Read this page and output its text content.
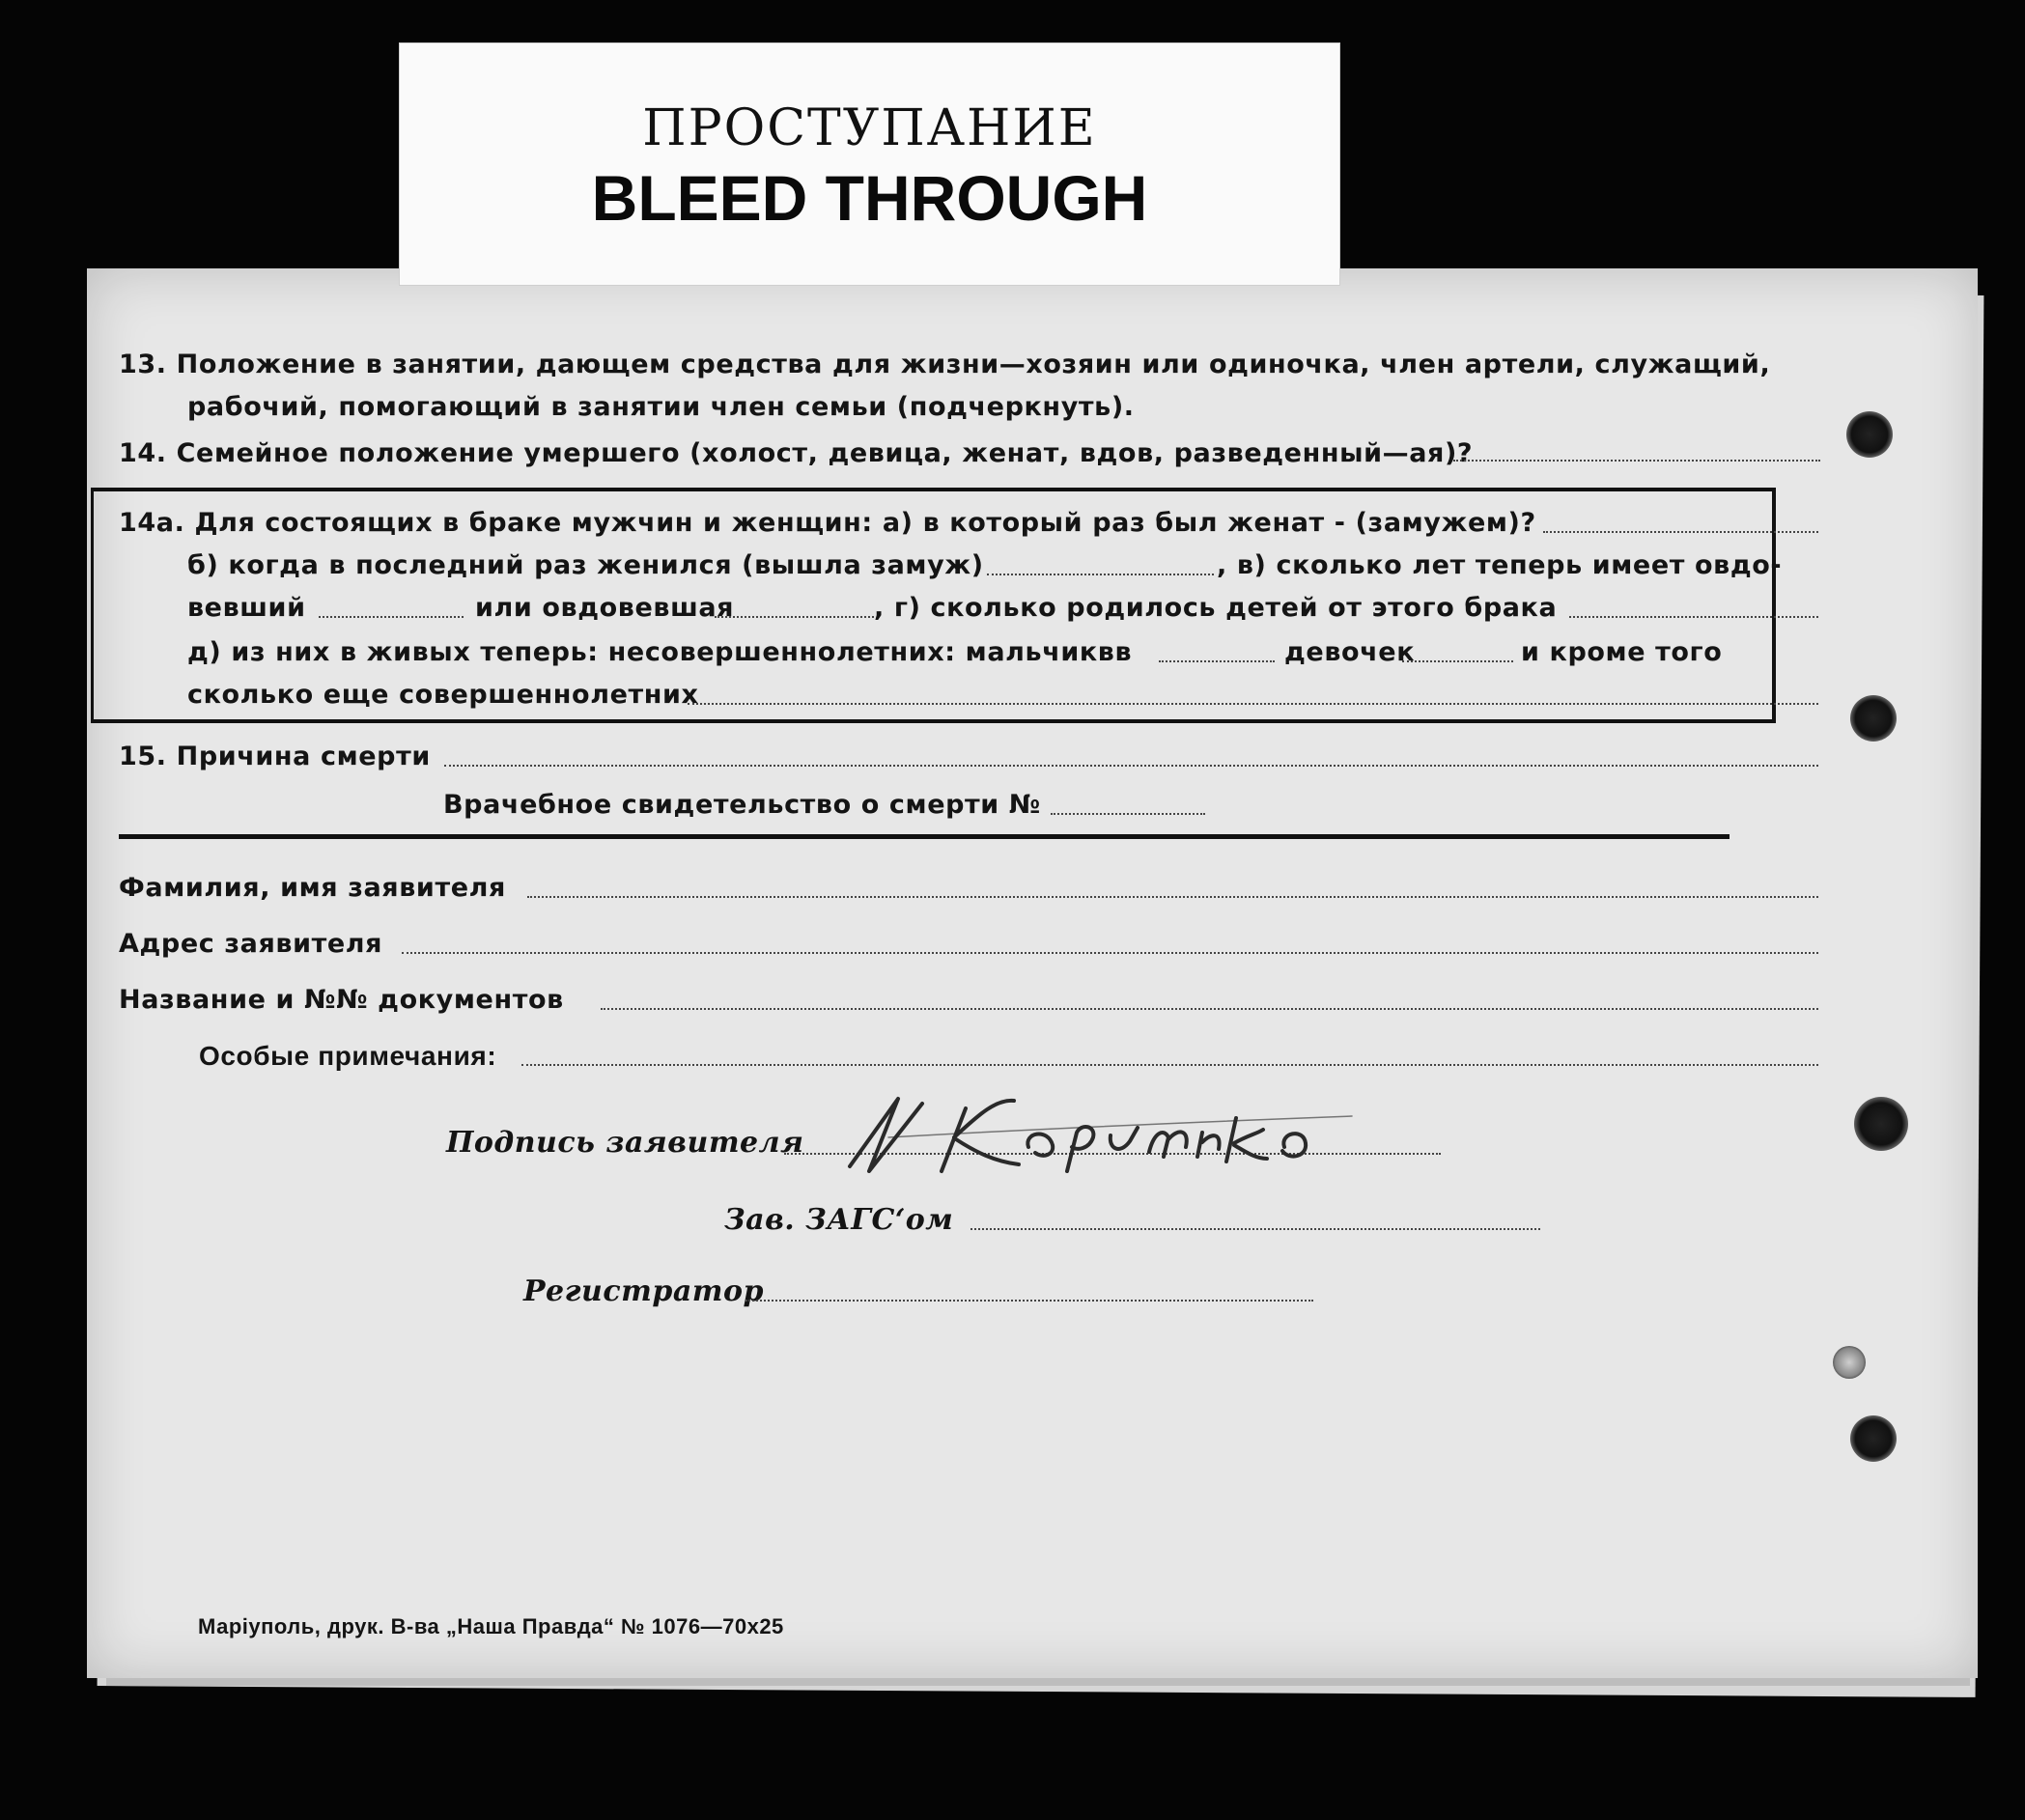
13. Положение в занятии, дающем средства для жизни—хозяин или одиночка, член артели, служащий,
рабочий, помогающий в занятии член семьи (подчеркнуть).
14. Семейное положение умершего (холост, девица, женат, вдов, разведенный—ая)?
14а. Для состоящих в браке мужчин и женщин: а) в который раз был женат - (замужем)?
б) когда в последний раз женился (вышла замуж)	, в) сколько лет теперь имеет овдо-
вевший	или овдовевшая	, г) сколько родилось детей от этого брака
д) из них в живых теперь: несовершеннолетних: мальчиквв	девочек	и кроме того
сколько еще совершеннолетних
15. Причина смерти
Врачебное свидетельство о смерти №
Фамилия, имя заявителя
Адрес заявителя
Название и №№ документов
Особые примечания:
Подпись заявителя
Зав. ЗАГС‘ом
Регистратор
Маріуполь, друк. В-ва „Наша Правда“ № 1076—70х25
ПРОСТУПАНИЕ
BLEED THROUGH
